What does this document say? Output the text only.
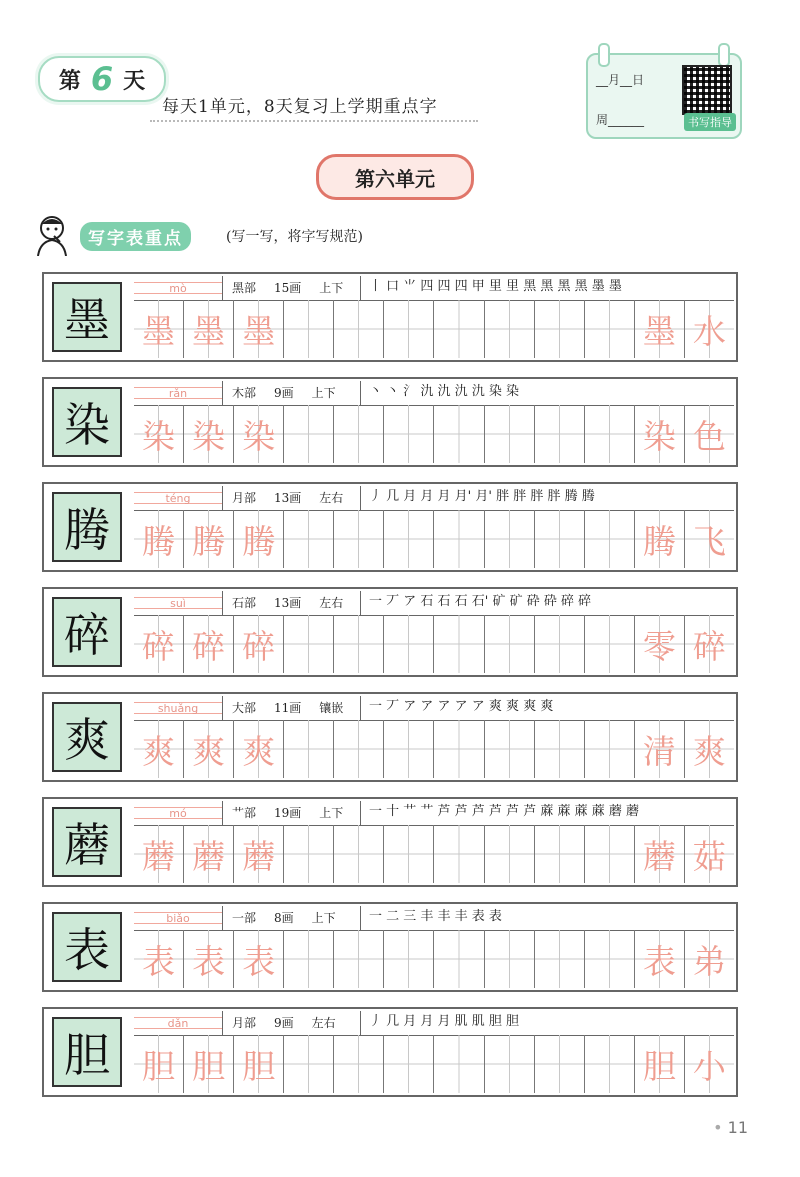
第 6 天
每天1单元，8天复习上学期重点字
__月__日
周______	书写指导
第六单元
写字表重点	(写一写，将字写规范)
墨
mò	黑部 15画 上下	丨 口 ⺌ 四 四 四 甲 里 里 黑 黑 黑 黑 墨 墨
墨 墨 墨	墨 水
染
rǎn	木部 9画 上下	丶 丶 氵 氿 氿 氿 氿 染 染
染 染 染	染 色
腾
téng	月部 13画 左右	丿 几 月 月 月 月' 月' 胖 胖 胖 胖 腾 腾
腾 腾 腾	腾 飞
碎
suì	石部 13画 左右	一 丆 ア 石 石 石 石' 矿 矿 砕 砕 碎 碎
碎 碎 碎	零 碎
爽
shuǎng	大部 11画 镶嵌	一 丆 ア ア ア ア ア 爽 爽 爽 爽
爽 爽 爽	清 爽
蘑
mó	艹部 19画 上下	一 十 艹 艹 芦 芦 芦 芦 芦 芦 蔴 蔴 蔴 蔴 蘑 蘑
蘑 蘑 蘑	蘑 菇
表
biǎo	一部 8画 上下	一 二 三 丰 丰 丰 表 表
表 表 表	表 弟
胆
dǎn	月部 9画 左右	丿 几 月 月 月 肌 肌 胆 胆
胆 胆 胆	胆 小
• 11
